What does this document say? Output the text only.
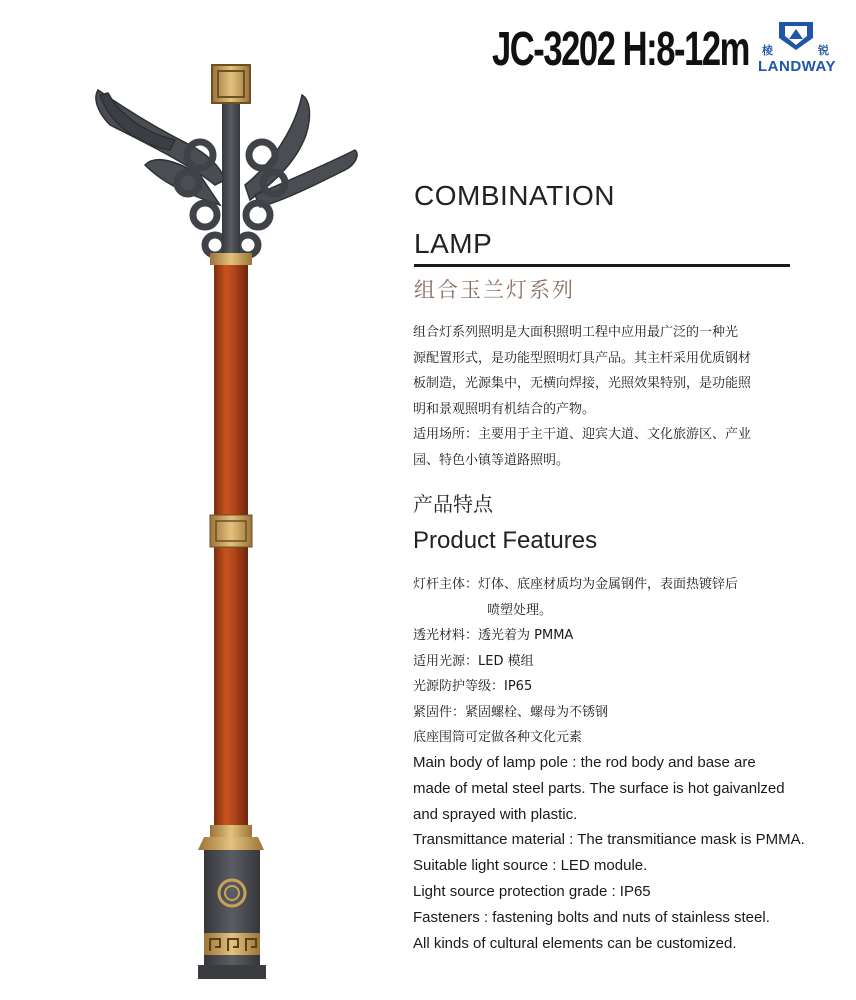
JC-3202 H:8-12m 棱	锐
LANDWAY
COMBINATION
LAMP
组合玉兰灯系列
组合灯系列照明是大面积照明工程中应用最广泛的一种光
源配置形式，是功能型照明灯具产品。其主杆采用优质钢材
板制造，光源集中，无横向焊接，光照效果特别，是功能照
明和景观照明有机结合的产物。
适用场所：主要用于主干道、迎宾大道、文化旅游区、产业
园、特色小镇等道路照明。
产品特点
Product Features
灯杆主体：灯体、底座材质均为金属钢件，表面热镀锌后
喷塑处理。
透光材料：透光着为 PMMA
适用光源：LED 模组
光源防护等级：IP65
紧固件：紧固螺栓、螺母为不锈钢
底座围筒可定做各种文化元素
Main body of lamp pole : the rod body and base are
made of metal steel parts. The surface is hot gaivanlzed
and sprayed with plastic.
Transmittance material : The transmitiance mask is PMMA.
Suitable light source : LED module.
Light source protection grade : IP65
Fasteners : fastening bolts and nuts of stainless steel.
All kinds of cultural elements can be customized.
